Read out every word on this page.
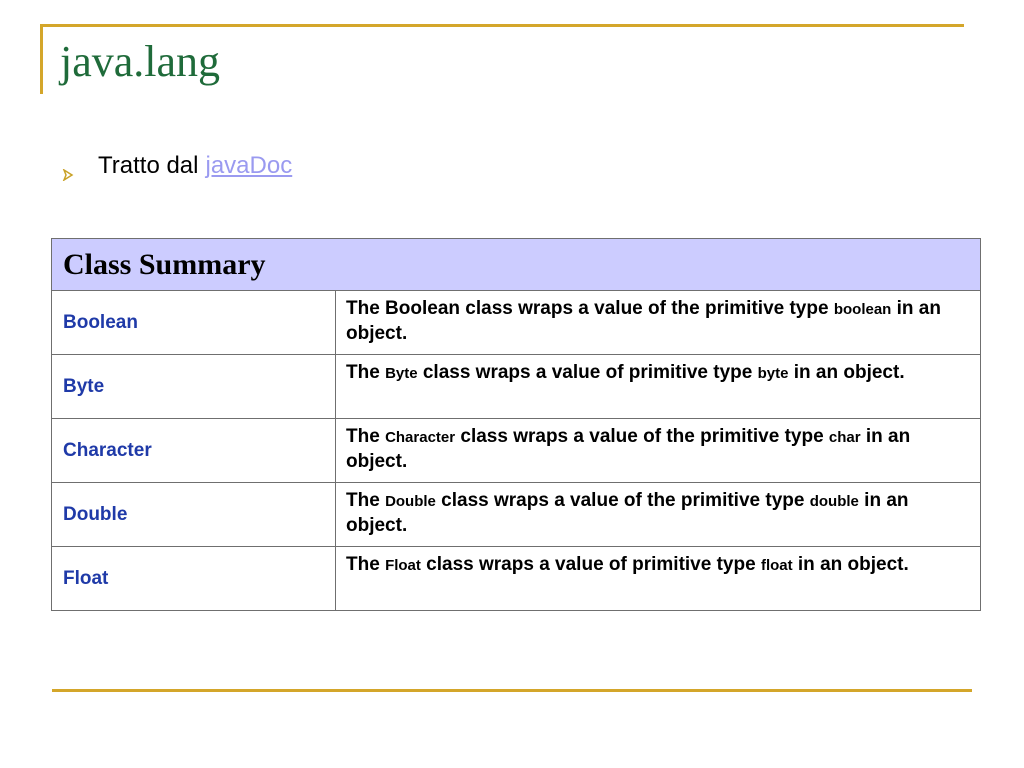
java.lang
Tratto dal javaDoc
Class Summary	
Boolean	The Boolean class wraps a value of the primitive type boolean in an object.
Byte	The Byte class wraps a value of primitive type byte in an object.
Character	The Character class wraps a value of the primitive type char in an object.
Double	The Double class wraps a value of the primitive type double in an object.
Float	The Float class wraps a value of primitive type float in an object.
